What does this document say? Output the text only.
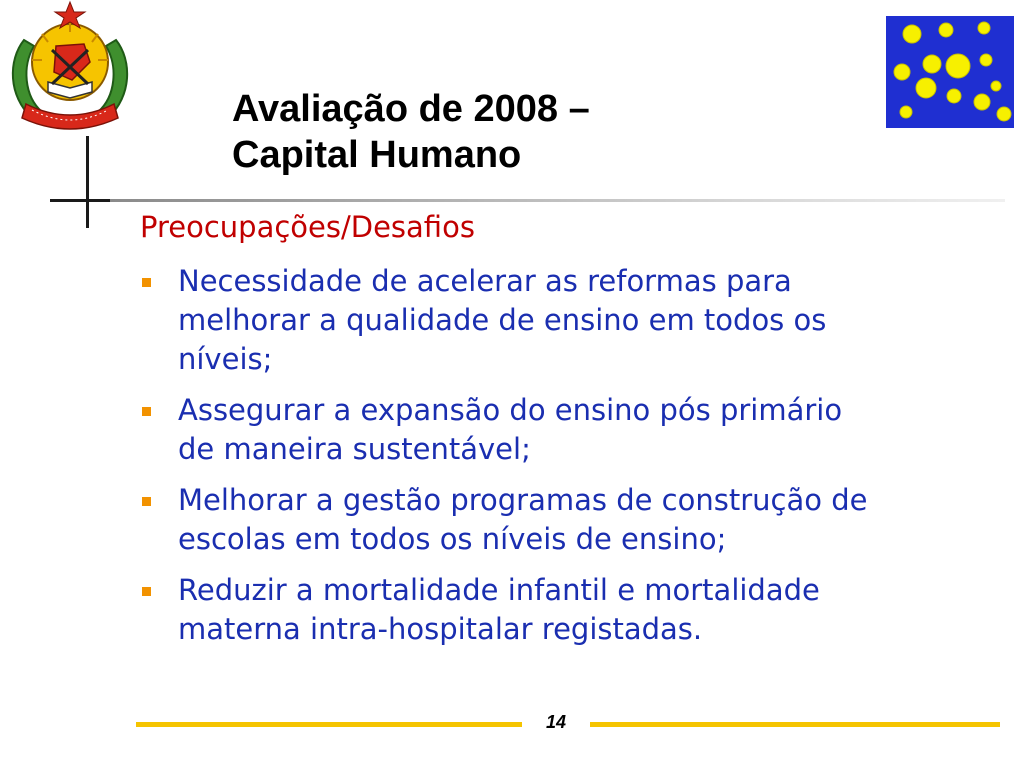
Avaliação de 2008 –
Capital Humano
Preocupações/Desafios
Necessidade de acelerar as reformas para
melhorar a qualidade de ensino em todos os
níveis;
Assegurar a expansão do ensino pós primário
de maneira sustentável;
Melhorar a gestão programas de construção de
escolas em todos os níveis de ensino;
Reduzir a mortalidade infantil e mortalidade
materna intra-hospitalar registadas.
14
